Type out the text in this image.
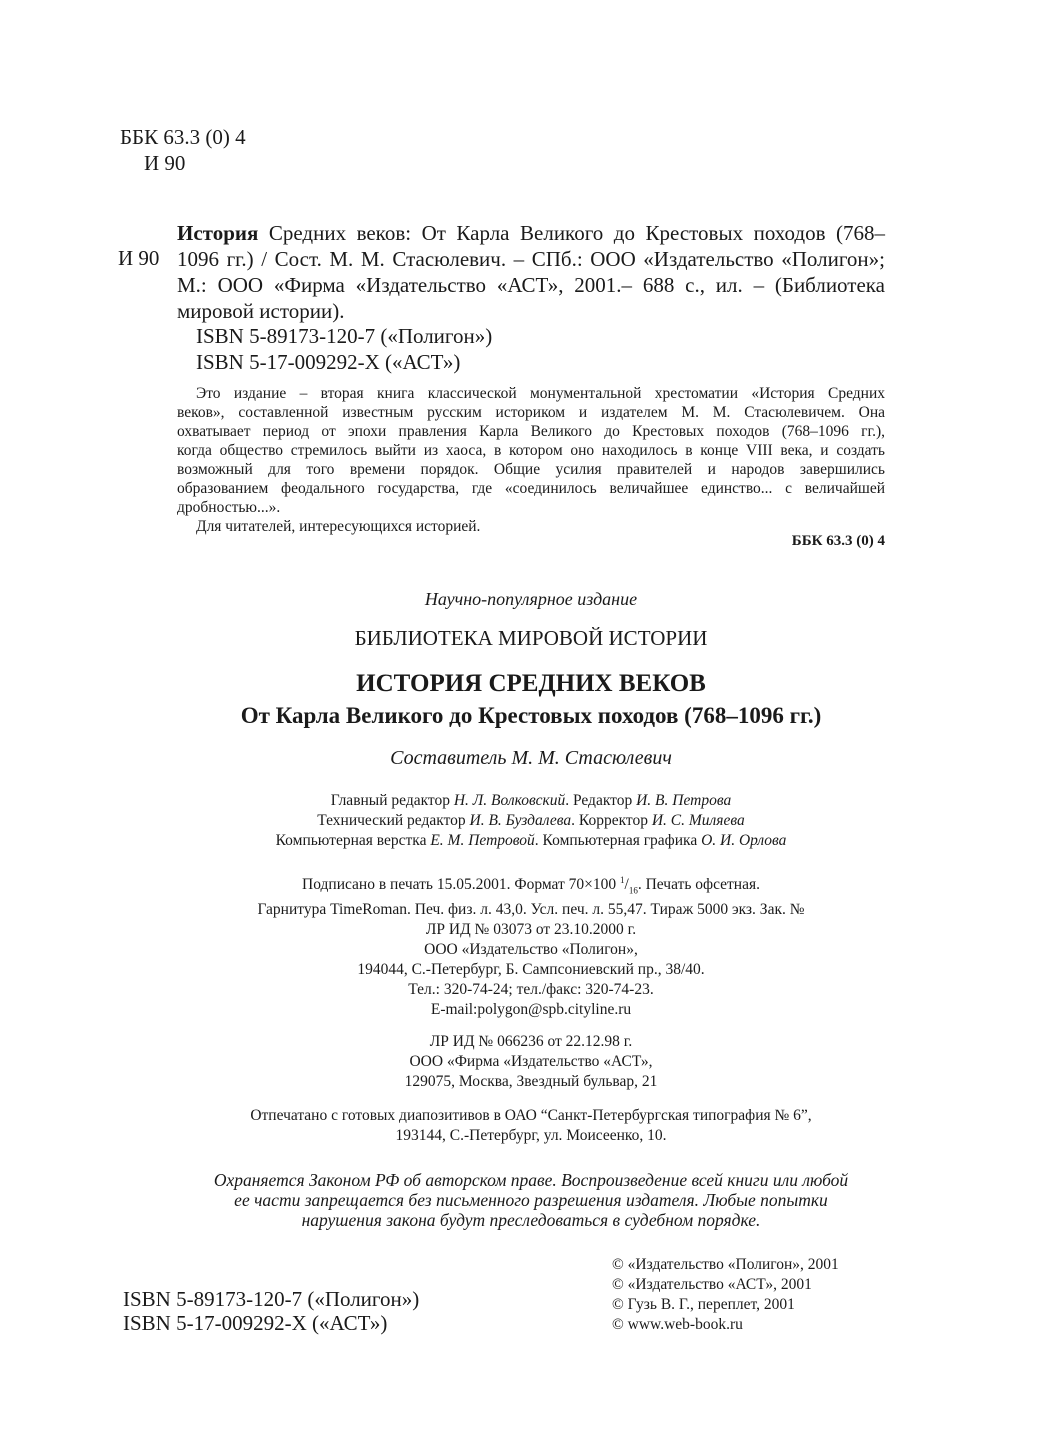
ББК 63.3 (0) 4
И 90
И 90
История Средних веков: От Карла Великого до Крестовых походов (768–
1096 гг.) / Сост. М. М. Стасюлевич. – СПб.: ООО «Издательство «Полигон»;
М.: ООО «Фирма «Издательство «АСТ», 2001.– 688 с., ил. – (Библиотека
мировой истории).
ISBN 5-89173-120-7 («Полигон»)
ISBN 5-17-009292-X («АСТ»)
Это издание – вторая книга классической монументальной хрестоматии «История Средних
веков», составленной известным русским историком и издателем М. М. Стасюлевичем. Она
охватывает период от эпохи правления Карла Великого до Крестовых походов (768–1096 гг.),
когда общество стремилось выйти из хаоса, в котором оно находилось в конце VIII века, и создать
возможный для того времени порядок. Общие усилия правителей и народов завершились
образованием феодального государства, где «соединилось величайшее единство... с величайшей
дробностью...».
Для читателей, интересующихся историей.
ББК 63.3 (0) 4
Научно-популярное издание
БИБЛИОТЕКА МИРОВОЙ ИСТОРИИ
ИСТОРИЯ СРЕДНИХ ВЕКОВ
От Карла Великого до Крестовых походов (768–1096 гг.)
Составитель М. М. Стасюлевич
Главный редактор Н. Л. Волковский. Редактор И. В. Петрова
Технический редактор И. В. Буздалева. Корректор И. С. Миляева
Компьютерная верстка Е. М. Петровой. Компьютерная графика О. И. Орлова
Подписано в печать 15.05.2001. Формат 70×100 $^1/_{16}$. Печать офсетная.
Гарнитура TimeRoman. Печ. физ. л. 43,0. Усл. печ. л. 55,47. Тираж 5000 экз. Зак. №
ЛР ИД № 03073 от 23.10.2000 г.
ООО «Издательство «Полигон»,
194044, С.-Петербург, Б. Сампсониевский пр., 38/40.
Тел.: 320-74-24; тел./факс: 320-74-23.
E-mail:polygon@spb.cityline.ru
ЛР ИД № 066236 от 22.12.98 г.
ООО «Фирма «Издательство «АСТ»,
129075, Москва, Звездный бульвар, 21
Отпечатано с готовых диапозитивов в ОАО “Санкт-Петербургская типография № 6”,
193144, С.-Петербург, ул. Моисеенко, 10.
Охраняется Законом РФ об авторском праве. Воспроизведение всей книги или любой
ее части запрещается без письменного разрешения издателя. Любые попытки
нарушения закона будут преследоваться в судебном порядке.
ISBN 5-89173-120-7 («Полигон»)
ISBN 5-17-009292-X («АСТ»)
© «Издательство «Полигон», 2001
© «Издательство «АСТ», 2001
© Гузь В. Г., переплет, 2001
© www.web-book.ru
